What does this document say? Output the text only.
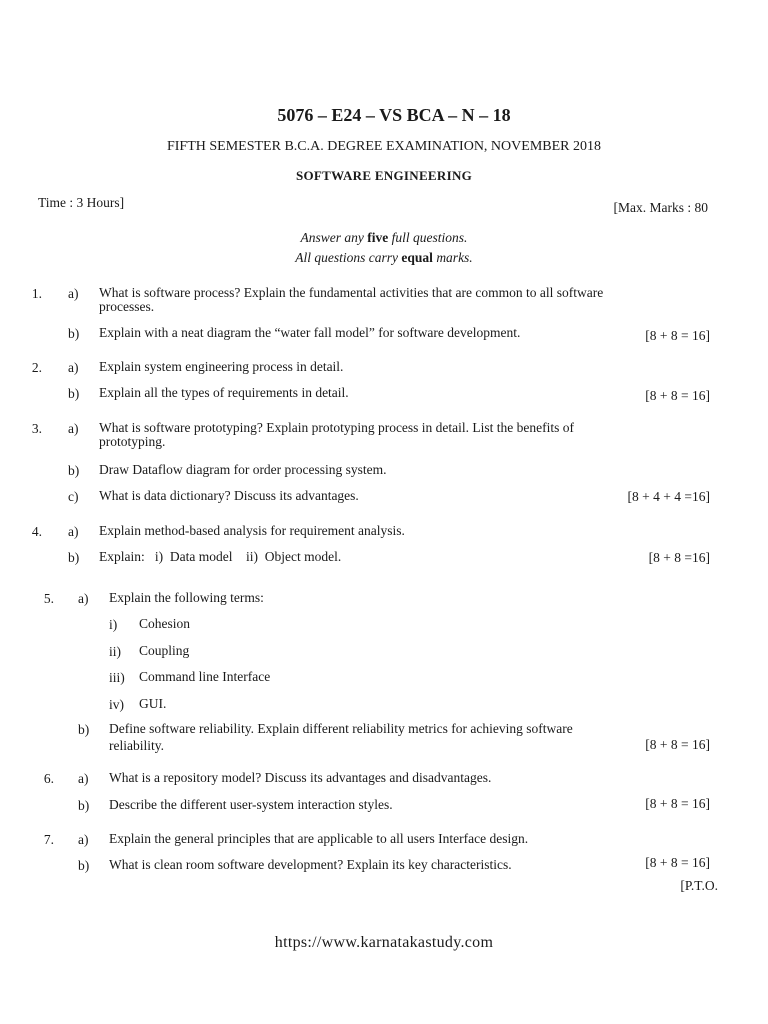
5076 – E24 – VS BCA – N – 18
FIFTH SEMESTER B.C.A. DEGREE EXAMINATION, NOVEMBER 2018
SOFTWARE ENGINEERING
Time : 3 Hours]	[Max. Marks : 80
Answer any five full questions.
All questions carry equal marks.
1. a) What is software process? Explain the fundamental activities that are common to all software
processes.
b) Explain with a neat diagram the “water fall model” for software development.	[8 + 8 = 16]
2. a) Explain system engineering process in detail.
b) Explain all the types of requirements in detail.	[8 + 8 = 16]
3. a) What is software prototyping? Explain prototyping process in detail. List the benefits of
prototyping.
b) Draw Dataflow diagram for order processing system.
c) What is data dictionary? Discuss its advantages.	[8 + 4 + 4 =16]
4. a) Explain method-based analysis for requirement analysis.
b) Explain:   i)  Data model    ii)  Object model.	[8 + 8 =16]
5. a) Explain the following terms:
i) Cohesion
ii) Coupling
iii) Command line Interface
iv) GUI.
b) Define software reliability. Explain different reliability metrics for achieving software
reliability.	[8 + 8 = 16]
6. a) What is a repository model? Discuss its advantages and disadvantages.
b) Describe the different user-system interaction styles.	[8 + 8 = 16]
7. a) Explain the general principles that are applicable to all users Interface design.
b) What is clean room software development? Explain its key characteristics.	[8 + 8 = 16]
[P.T.O.
https://www.karnatakastudy.com
